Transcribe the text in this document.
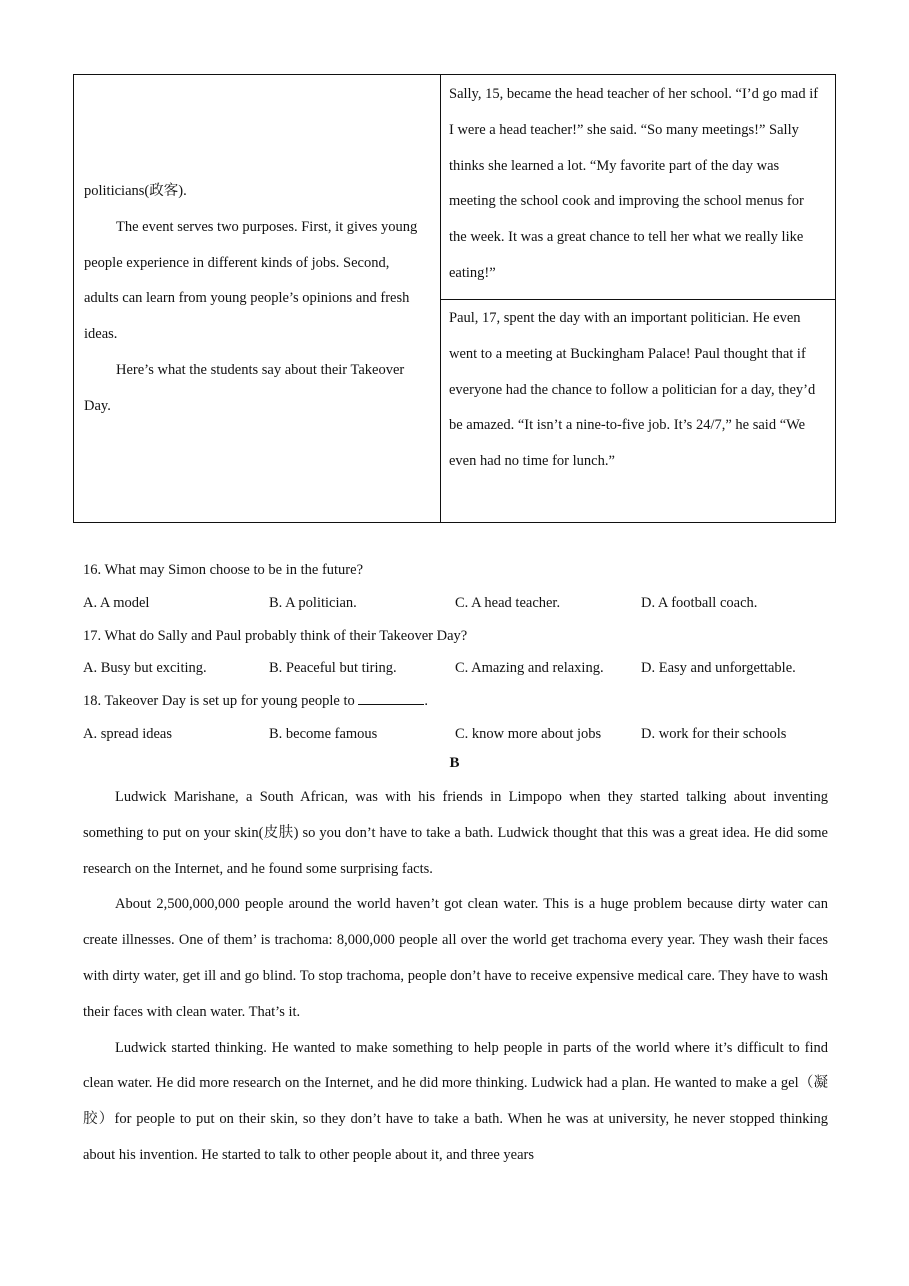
politicians(政客).

The event serves two purposes. First, it gives young people experience in different kinds of jobs. Second, adults can learn from young people’s opinions and fresh ideas.

Here’s what the students say about their Takeover Day.

Sally, 15, became the head teacher of her school. “I’d go mad if I were a head teacher!” she said. “So many meetings!” Sally thinks she learned a lot. “My favorite part of the day was meeting the school cook and improving the school menus for the week. It was a great chance to tell her what we really like eating!”

Paul, 17, spent the day with an important politician. He even went to a meeting at Buckingham Palace! Paul thought that if everyone had the chance to follow a politician for a day, they’d be amazed. “It isn’t a nine-to-five job. It’s 24/7,” he said “We even had no time for lunch.”

16. What may Simon choose to be in the future?
A. A model	B. A politician.	C. A head teacher.	D. A football coach.
17. What do Sally and Paul probably think of their Takeover Day?
A. Busy but exciting.	B. Peaceful but tiring.	C. Amazing and relaxing.	D. Easy and unforgettable.
18. Takeover Day is set up for young people to	.
A. spread ideas	B. become famous	C. know more about jobs	D. work for their schools
B

Ludwick Marishane, a South African, was with his friends in Limpopo when they started talking about inventing something to put on your skin(皮肤) so you don’t have to take a bath. Ludwick thought that this was a great idea. He did some research on the Internet, and he found some surprising facts.

About 2,500,000,000 people around the world haven’t got clean water. This is a huge problem because dirty water can create illnesses. One of them’ is trachoma: 8,000,000 people all over the world get trachoma every year. They wash their faces with dirty water, get ill and go blind. To stop trachoma, people don’t have to receive expensive medical care. They have to wash their faces with clean water. That’s it.

Ludwick started thinking. He wanted to make something to help people in parts of the world where it’s difficult to find clean water. He did more research on the Internet, and he did more thinking. Ludwick had a plan. He wanted to make a gel（凝胶）for people to put on their skin, so they don’t have to take a bath. When he was at university, he never stopped thinking about his invention. He started to talk to other people about it, and three years
